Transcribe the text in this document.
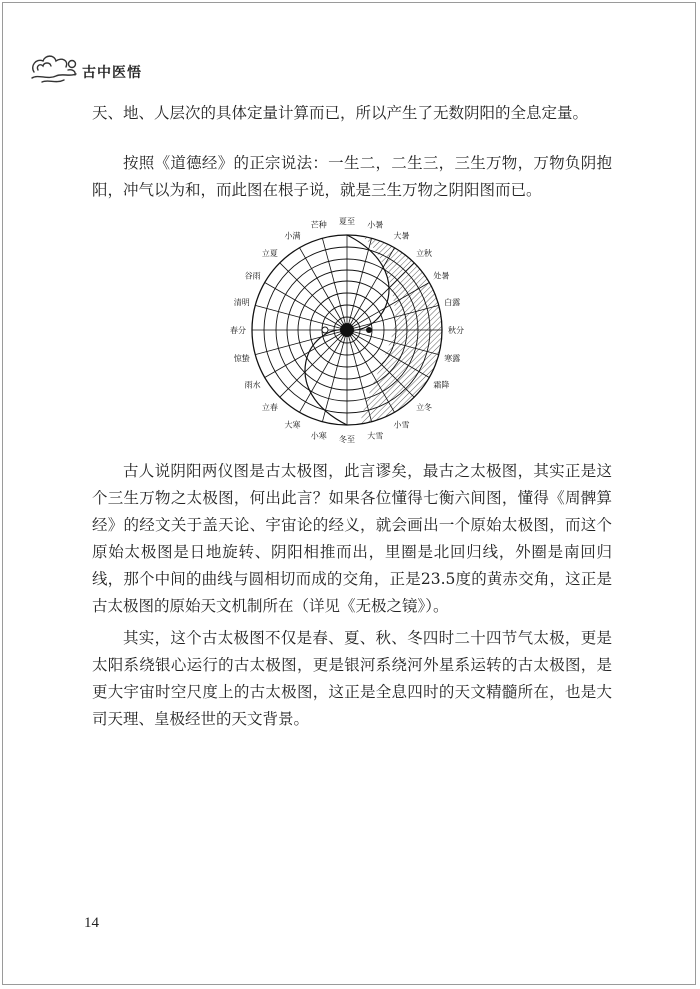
古中医悟

天、地、人层次的具体定量计算而已，所以产生了无数阴阳的全息定量。

按照《道德经》的正宗说法：一生二，二生三，三生万物，万物负阴抱阳，冲气以为和，而此图在根子说，就是三生万物之阴阳图而已。

夏至 小暑
大暑
立秋
处暑
白露
秋分
寒露
霜降
立冬
小雪
大雪
冬至
小寒
大寒
立春
雨水
惊蛰
春分
清明
谷雨
立夏
小满
芒种

古人说阴阳两仪图是古太极图，此言谬矣，最古之太极图，其实正是这个三生万物之太极图，何出此言？如果各位懂得七衡六间图，懂得《周髀算经》的经文关于盖天论、宇宙论的经义，就会画出一个原始太极图，而这个原始太极图是日地旋转、阴阳相推而出，里圈是北回归线，外圈是南回归线，那个中间的曲线与圆相切而成的交角，正是23.5度的黄赤交角，这正是古太极图的原始天文机制所在（详见《无极之镜》）。

其实，这个古太极图不仅是春、夏、秋、冬四时二十四节气太极，更是太阳系绕银心运行的古太极图，更是银河系绕河外星系运转的古太极图，是更大宇宙时空尺度上的古太极图，这正是全息四时的天文精髓所在，也是大司天理、皇极经世的天文背景。

14
